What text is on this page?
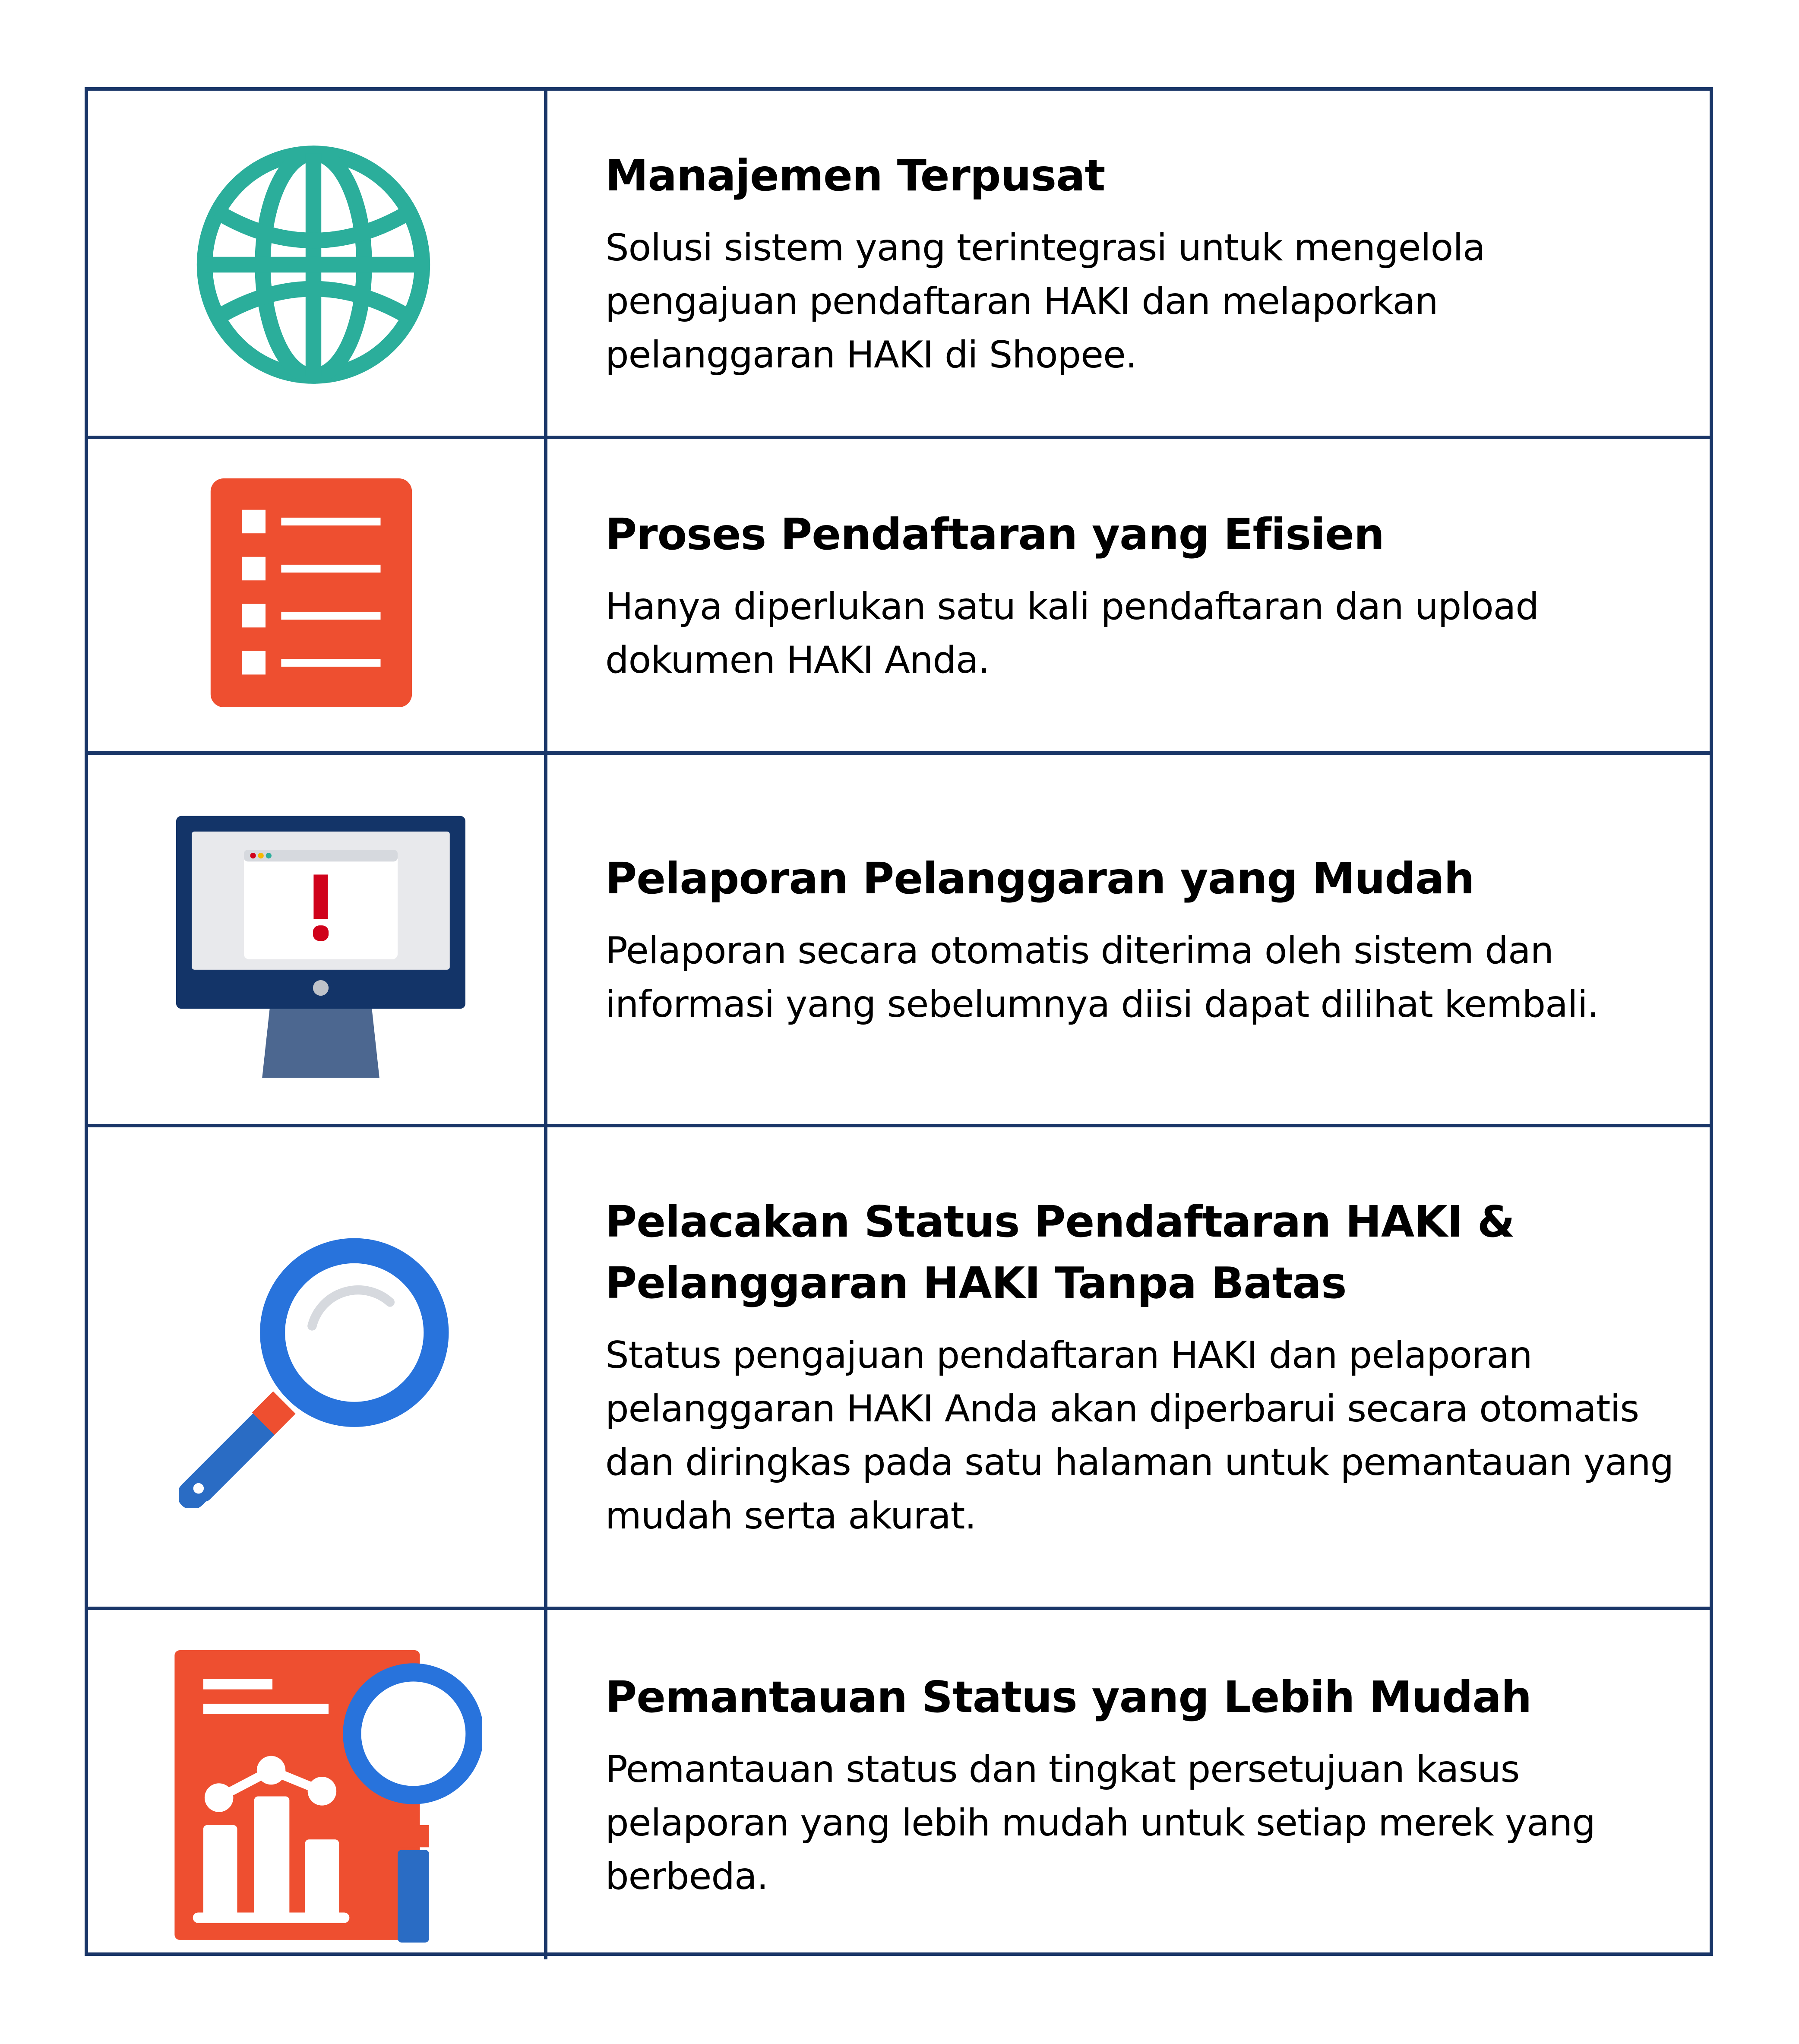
Manajemen Terpusat

Solusi sistem yang terintegrasi untuk mengelola pengajuan pendaftaran HAKI dan melaporkan pelanggaran HAKI di Shopee.

Proses Pendaftaran yang Efisien

Hanya diperlukan satu kali pendaftaran dan upload dokumen HAKI Anda.

Pelaporan Pelanggaran yang Mudah

Pelaporan secara otomatis diterima oleh sistem dan informasi yang sebelumnya diisi dapat dilihat kembali.

Pelacakan Status Pendaftaran HAKI & Pelanggaran HAKI Tanpa Batas

Status pengajuan pendaftaran HAKI dan pelaporan pelanggaran HAKI Anda akan diperbarui secara otomatis dan diringkas pada satu halaman untuk pemantauan yang mudah serta akurat.

Pemantauan Status yang Lebih Mudah

Pemantauan status dan tingkat persetujuan kasus pelaporan yang lebih mudah untuk setiap merek yang berbeda.
